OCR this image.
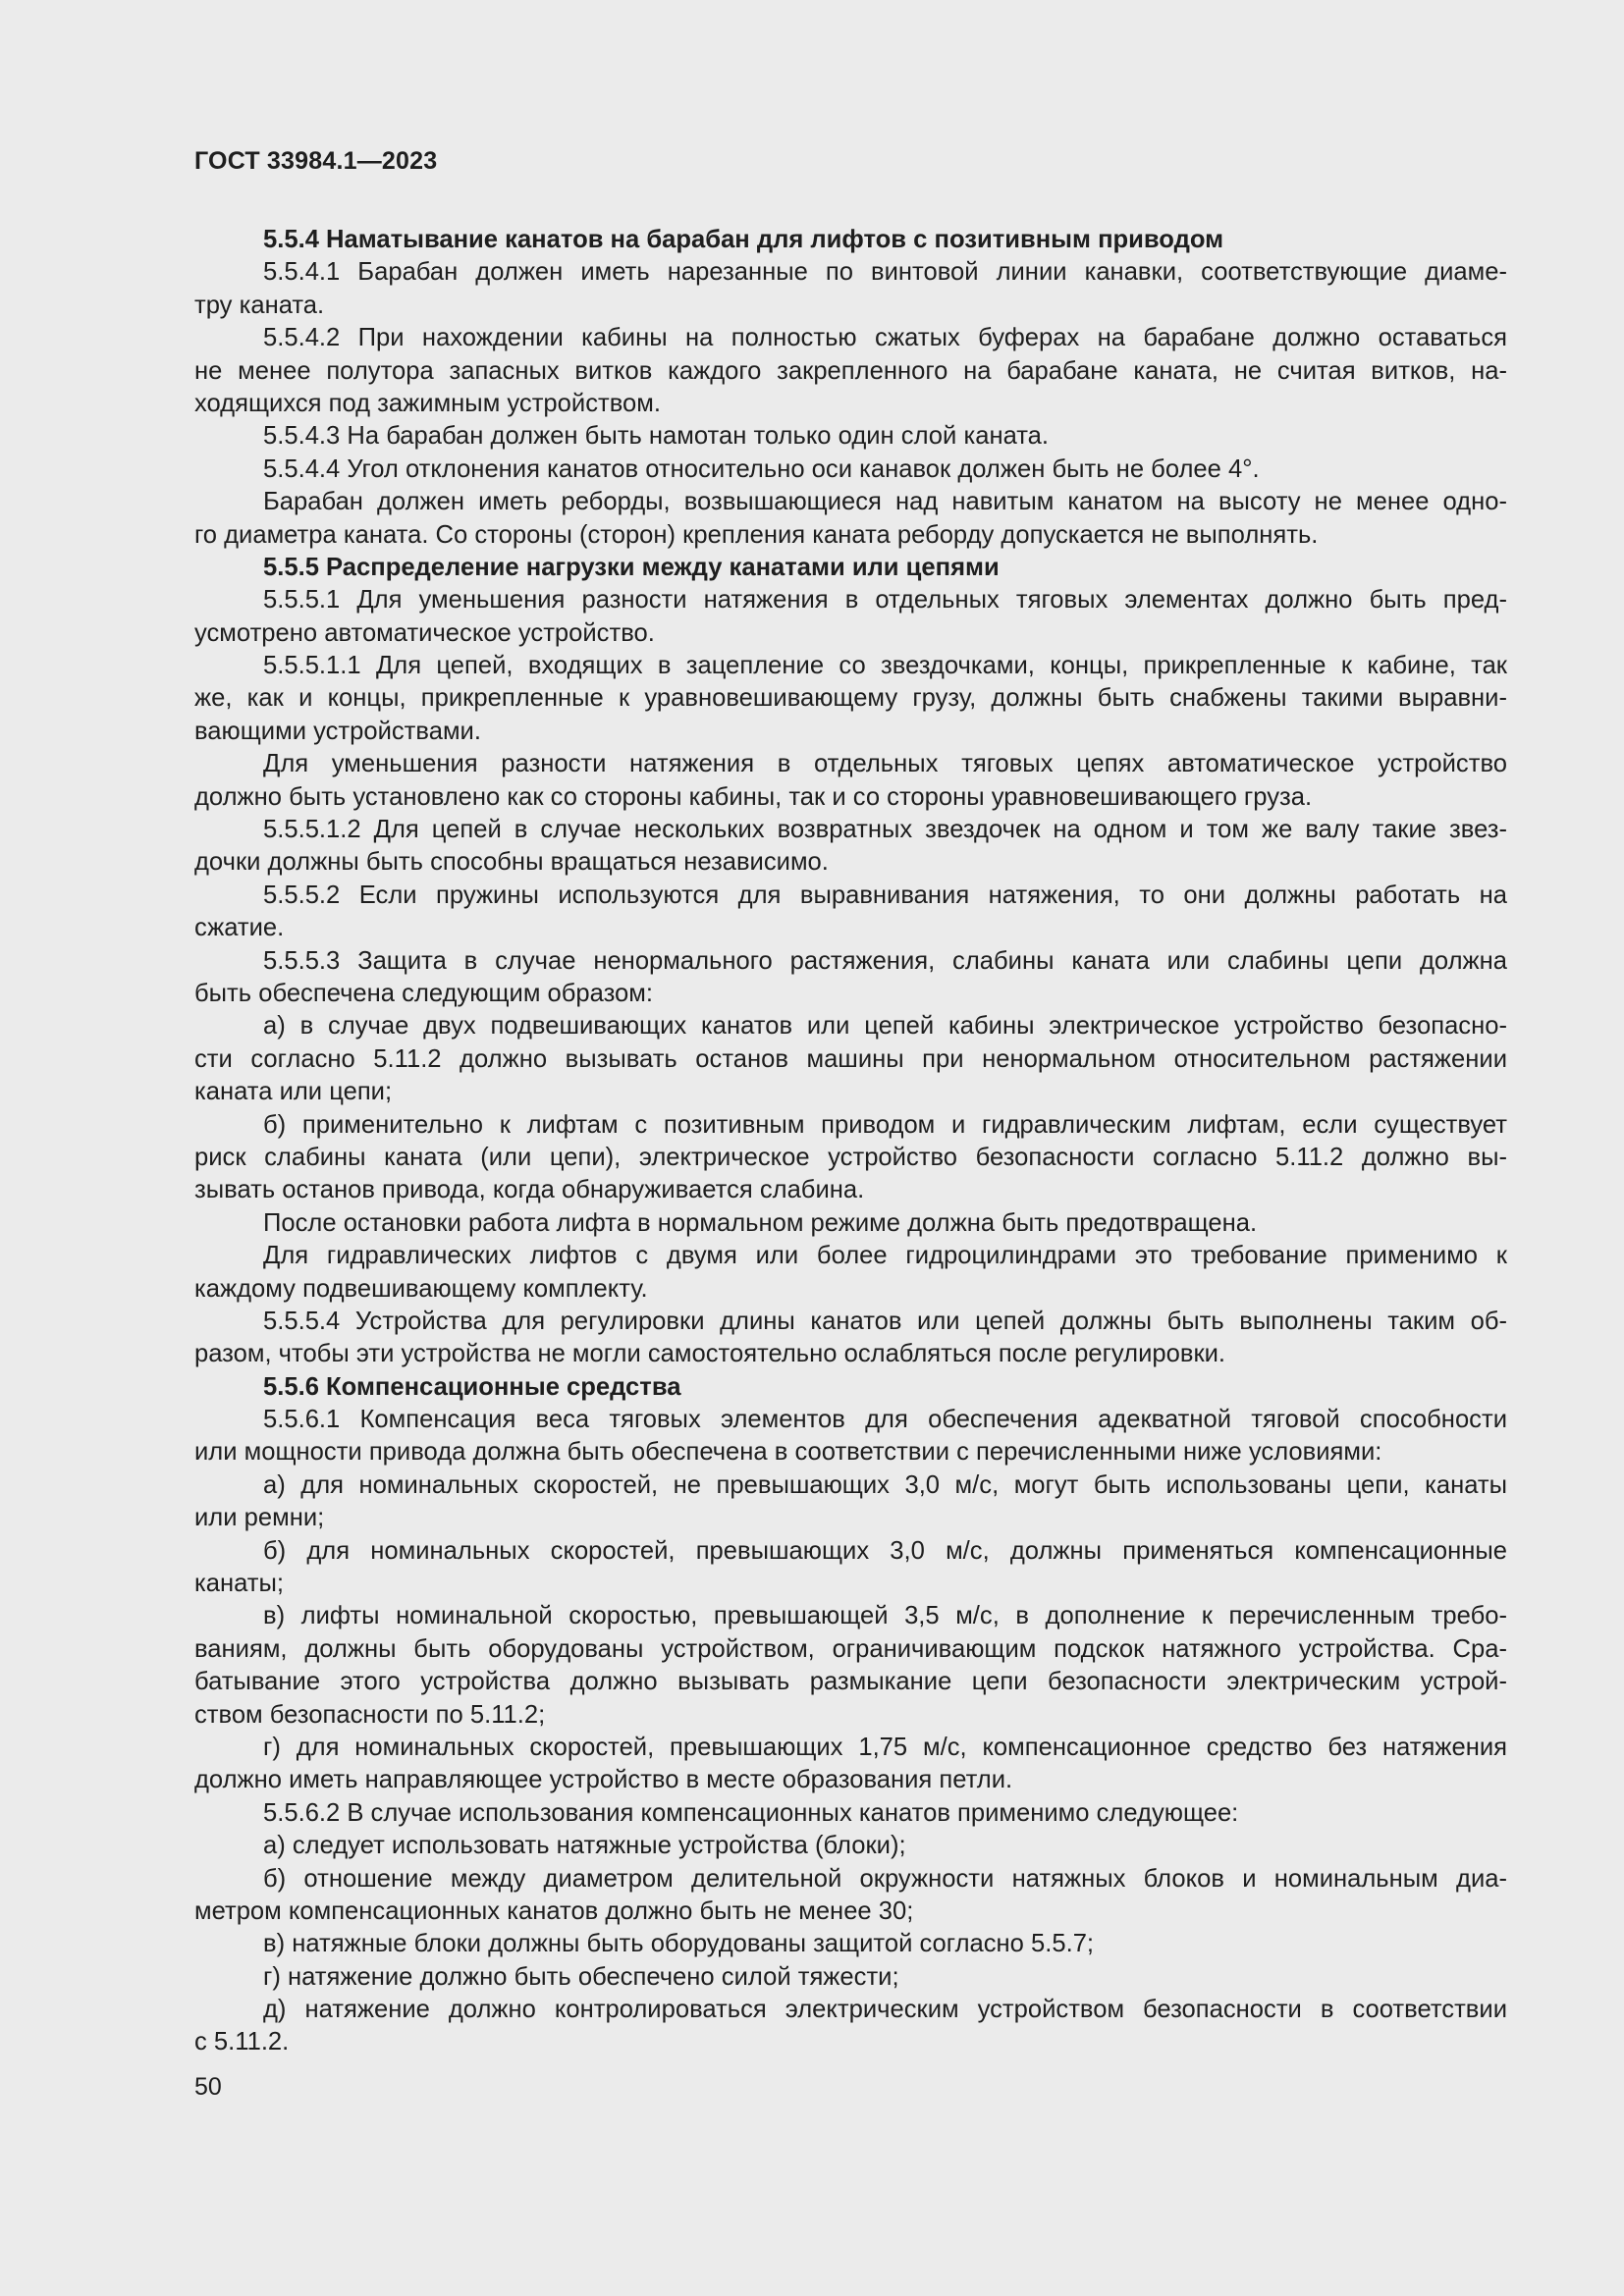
ГОСТ 33984.1—2023
5.5.4 Наматывание канатов на барабан для лифтов с позитивным приводом
5.5.4.1 Барабан должен иметь нарезанные по винтовой линии канавки, соответствующие диаме-
тру каната.
5.5.4.2 При нахождении кабины на полностью сжатых буферах на барабане должно оставаться
не менее полутора запасных витков каждого закрепленного на барабане каната, не считая витков, на-
ходящихся под зажимным устройством.
5.5.4.3 На барабан должен быть намотан только один слой каната.
5.5.4.4 Угол отклонения канатов относительно оси канавок должен быть не более 4°.
Барабан должен иметь реборды, возвышающиеся над навитым канатом на высоту не менее одно-
го диаметра каната. Со стороны (сторон) крепления каната реборду допускается не выполнять.
5.5.5 Распределение нагрузки между канатами или цепями
5.5.5.1 Для уменьшения разности натяжения в отдельных тяговых элементах должно быть пред-
усмотрено автоматическое устройство.
5.5.5.1.1 Для цепей, входящих в зацепление со звездочками, концы, прикрепленные к кабине, так
же, как и концы, прикрепленные к уравновешивающему грузу, должны быть снабжены такими выравни-
вающими устройствами.
Для уменьшения разности натяжения в отдельных тяговых цепях автоматическое устройство
должно быть установлено как со стороны кабины, так и со стороны уравновешивающего груза.
5.5.5.1.2 Для цепей в случае нескольких возвратных звездочек на одном и том же валу такие звез-
дочки должны быть способны вращаться независимо.
5.5.5.2 Если пружины используются для выравнивания натяжения, то они должны работать на
сжатие.
5.5.5.3 Защита в случае ненормального растяжения, слабины каната или слабины цепи должна
быть обеспечена следующим образом:
а) в случае двух подвешивающих канатов или цепей кабины электрическое устройство безопасно-
сти согласно 5.11.2 должно вызывать останов машины при ненормальном относительном растяжении
каната или цепи;
б) применительно к лифтам с позитивным приводом и гидравлическим лифтам, если существует
риск слабины каната (или цепи), электрическое устройство безопасности согласно 5.11.2 должно вы-
зывать останов привода, когда обнаруживается слабина.
После остановки работа лифта в нормальном режиме должна быть предотвращена.
Для гидравлических лифтов с двумя или более гидроцилиндрами это требование применимо к
каждому подвешивающему комплекту.
5.5.5.4 Устройства для регулировки длины канатов или цепей должны быть выполнены таким об-
разом, чтобы эти устройства не могли самостоятельно ослабляться после регулировки.
5.5.6 Компенсационные средства
5.5.6.1 Компенсация веса тяговых элементов для обеспечения адекватной тяговой способности
или мощности привода должна быть обеспечена в соответствии с перечисленными ниже условиями:
а) для номинальных скоростей, не превышающих 3,0 м/с, могут быть использованы цепи, канаты
или ремни;
б) для номинальных скоростей, превышающих 3,0 м/с, должны применяться компенсационные
канаты;
в) лифты номинальной скоростью, превышающей 3,5 м/с, в дополнение к перечисленным требо-
ваниям, должны быть оборудованы устройством, ограничивающим подскок натяжного устройства. Сра-
батывание этого устройства должно вызывать размыкание цепи безопасности электрическим устрой-
ством безопасности по 5.11.2;
г) для номинальных скоростей, превышающих 1,75 м/с, компенсационное средство без натяжения
должно иметь направляющее устройство в месте образования петли.
5.5.6.2 В случае использования компенсационных канатов применимо следующее:
а) следует использовать натяжные устройства (блоки);
б) отношение между диаметром делительной окружности натяжных блоков и номинальным диа-
метром компенсационных канатов должно быть не менее 30;
в) натяжные блоки должны быть оборудованы защитой согласно 5.5.7;
г) натяжение должно быть обеспечено силой тяжести;
д) натяжение должно контролироваться электрическим устройством безопасности в соответствии
с 5.11.2.
50
